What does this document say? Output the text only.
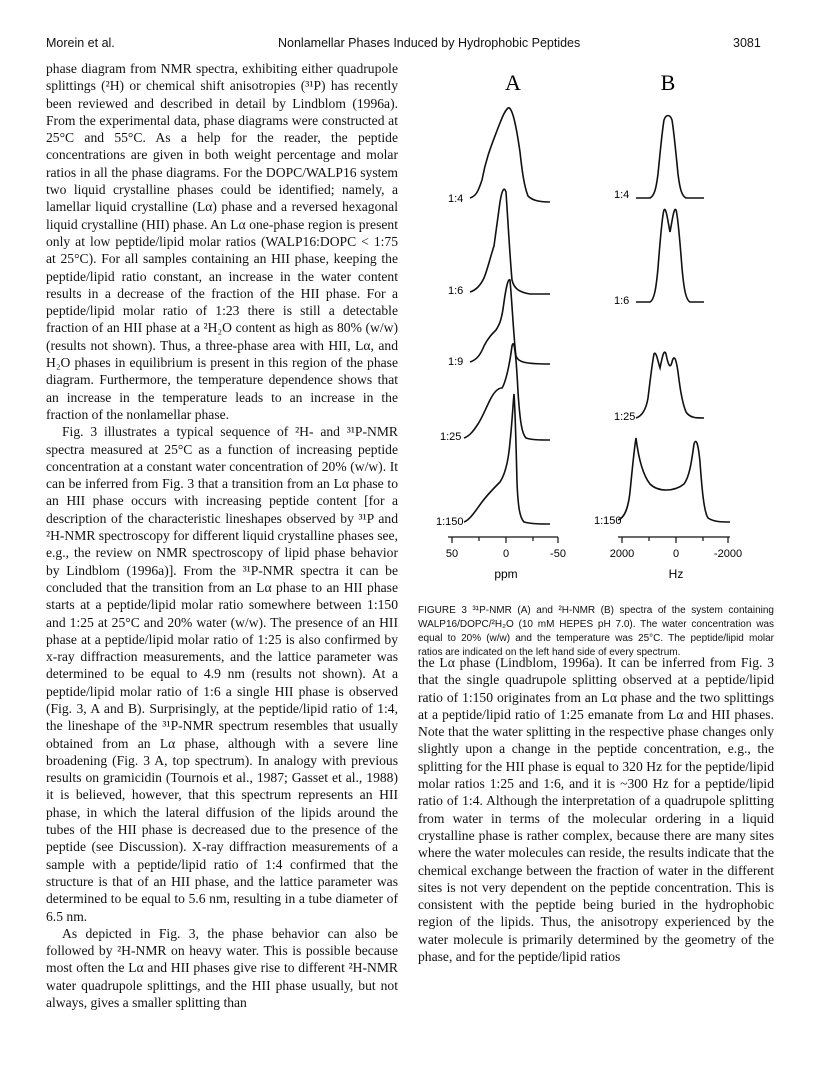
Morein et al.	Nonlamellar Phases Induced by Hydrophobic Peptides	3081

phase diagram from NMR spectra, exhibiting either quadrupole splittings (²H) or chemical shift anisotropies (³¹P) has recently been reviewed and described in detail by Lindblom (1996a). From the experimental data, phase diagrams were constructed at 25°C and 55°C. As a help for the reader, the peptide concentrations are given in both weight percentage and molar ratios in all the phase diagrams. For the DOPC/WALP16 system two liquid crystalline phases could be identified; namely, a lamellar liquid crystalline (Lα) phase and a reversed hexagonal liquid crystalline (HII) phase. An Lα one-phase region is present only at low peptide/lipid molar ratios (WALP16:DOPC < 1:75 at 25°C). For all samples containing an HII phase, keeping the peptide/lipid ratio constant, an increase in the water content results in a decrease of the fraction of the HII phase. For a peptide/lipid molar ratio of 1:23 there is still a detectable fraction of an HII phase at a ²H₂O content as high as 80% (w/w) (results not shown). Thus, a three-phase area with HII, Lα, and H₂O phases in equilibrium is present in this region of the phase diagram. Furthermore, the temperature dependence shows that an increase in the temperature leads to an increase in the fraction of the nonlamellar phase.

Fig. 3 illustrates a typical sequence of ²H- and ³¹P-NMR spectra measured at 25°C as a function of increasing peptide concentration at a constant water concentration of 20% (w/w). It can be inferred from Fig. 3 that a transition from an Lα phase to an HII phase occurs with increasing peptide content [for a description of the characteristic lineshapes observed by ³¹P and ²H-NMR spectroscopy for different liquid crystalline phases see, e.g., the review on NMR spectroscopy of lipid phase behavior by Lindblom (1996a)]. From the ³¹P-NMR spectra it can be concluded that the transition from an Lα phase to an HII phase starts at a peptide/lipid molar ratio somewhere between 1:150 and 1:25 at 25°C and 20% water (w/w). The presence of an HII phase at a peptide/lipid molar ratio of 1:25 is also confirmed by x-ray diffraction measurements, and the lattice parameter was determined to be equal to 4.9 nm (results not shown). At a peptide/lipid molar ratio of 1:6 a single HII phase is observed (Fig. 3, A and B). Surprisingly, at the peptide/lipid ratio of 1:4, the lineshape of the ³¹P-NMR spectrum resembles that usually obtained from an Lα phase, although with a severe line broadening (Fig. 3 A, top spectrum). In analogy with previous results on gramicidin (Tournois et al., 1987; Gasset et al., 1988) it is believed, however, that this spectrum represents an HII phase, in which the lateral diffusion of the lipids around the tubes of the HII phase is decreased due to the presence of the peptide (see Discussion). X-ray diffraction measurements of a sample with a peptide/lipid ratio of 1:4 confirmed that the structure is that of an HII phase, and the lattice parameter was determined to be equal to 5.6 nm, resulting in a tube diameter of 6.5 nm.

As depicted in Fig. 3, the phase behavior can also be followed by ²H-NMR on heavy water. This is possible because most often the Lα and HII phases give rise to different ²H-NMR water quadrupole splittings, and the HII phase usually, but not always, gives a smaller splitting than

A	B
1:4
1:6
1:9
1:25
1:150
50	0	-50
ppm
1:4
1:6
1:25
1:150
2000	0	-2000
Hz
FIGURE 3 ³¹P-NMR (A) and ²H-NMR (B) spectra of the system containing WALP16/DOPC/²H₂O (10 mM HEPES pH 7.0). The water concentration was equal to 20% (w/w) and the temperature was 25°C. The peptide/lipid molar ratios are indicated on the left hand side of every spectrum.

the Lα phase (Lindblom, 1996a). It can be inferred from Fig. 3 that the single quadrupole splitting observed at a peptide/lipid ratio of 1:150 originates from an Lα phase and the two splittings at a peptide/lipid ratio of 1:25 emanate from Lα and HII phases. Note that the water splitting in the respective phase changes only slightly upon a change in the peptide concentration, e.g., the splitting for the HII phase is equal to 320 Hz for the peptide/lipid molar ratios 1:25 and 1:6, and it is ~300 Hz for a peptide/lipid ratio of 1:4. Although the interpretation of a quadrupole splitting from water in terms of the molecular ordering in a liquid crystalline phase is rather complex, because there are many sites where the water molecules can reside, the results indicate that the chemical exchange between the fraction of water in the different sites is not very dependent on the peptide concentration. This is consistent with the peptide being buried in the hydrophobic region of the lipids. Thus, the anisotropy experienced by the water molecule is primarily determined by the geometry of the phase, and for the peptide/lipid ratios
